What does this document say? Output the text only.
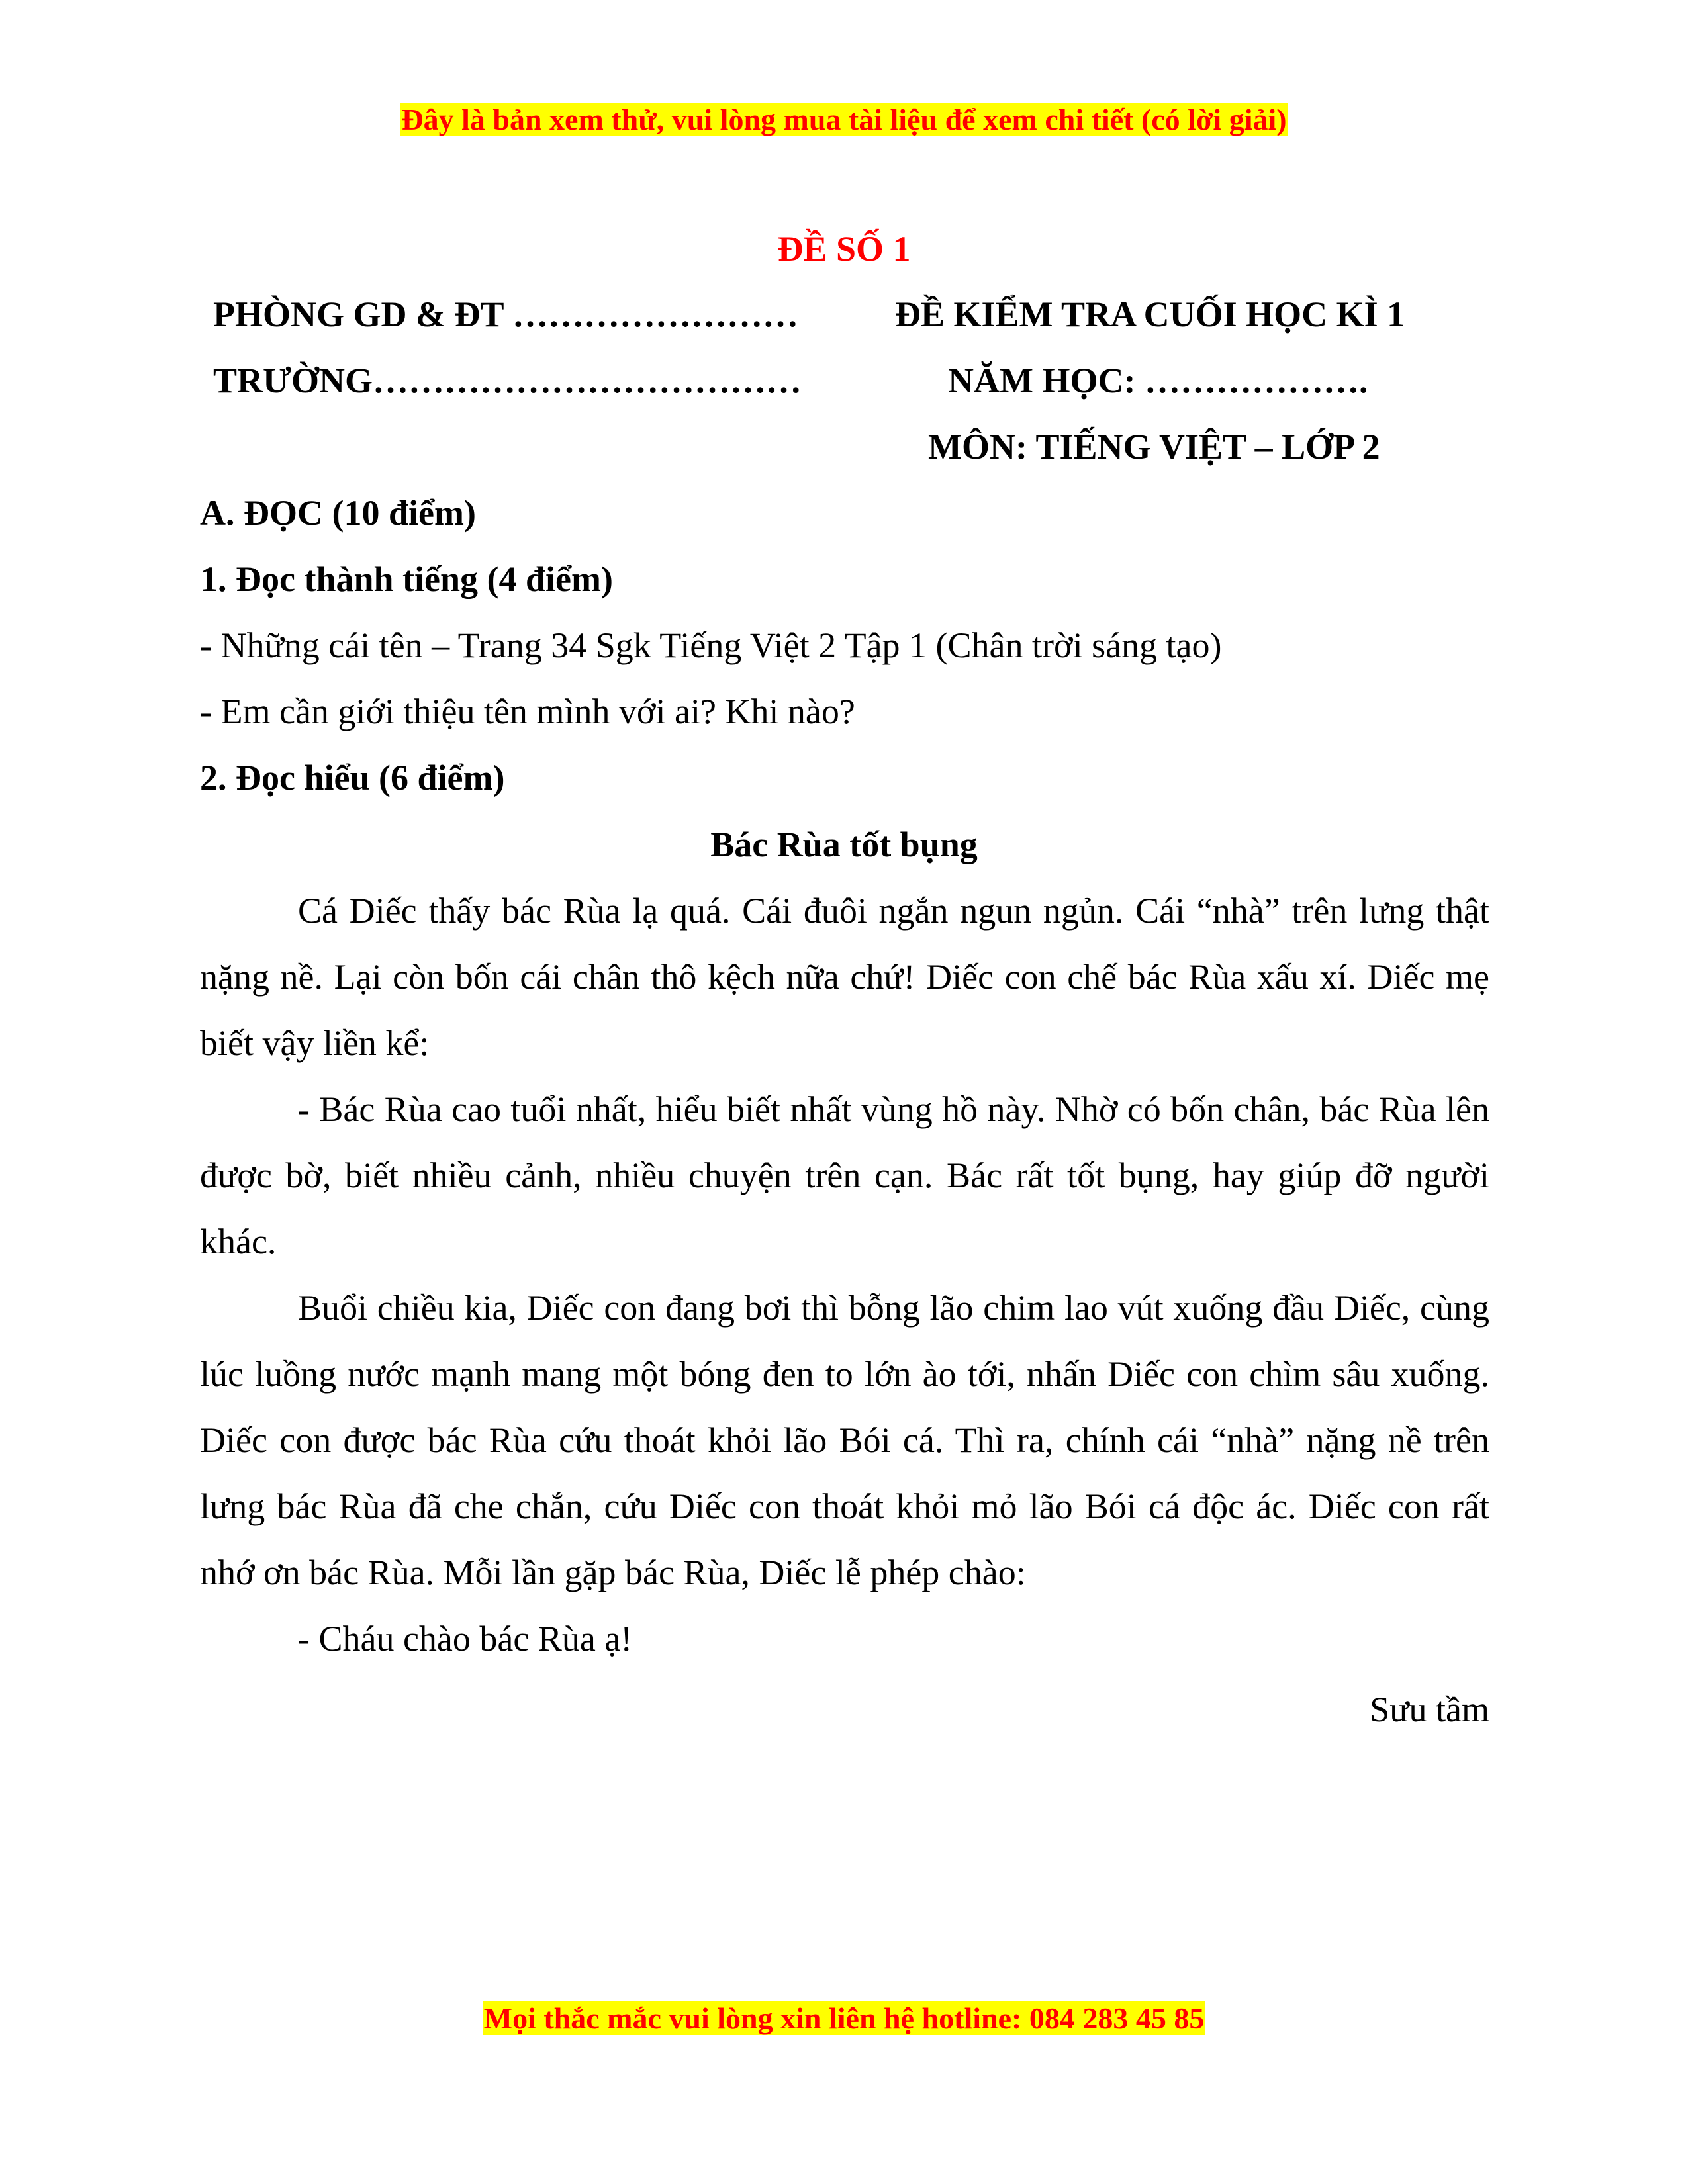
Đây là bản xem thử, vui lòng mua tài liệu để xem chi tiết (có lời giải)
ĐỀ SỐ 1
PHÒNG GD & ĐT ……………………
TRƯỜNG………………………………
ĐỀ KIỂM TRA CUỐI HỌC KÌ 1
NĂM HỌC: ……………….
MÔN: TIẾNG VIỆT – LỚP 2
A. ĐỌC (10 điểm)
1. Đọc thành tiếng (4 điểm)
- Những cái tên – Trang 34 Sgk Tiếng Việt 2 Tập 1 (Chân trời sáng tạo)
- Em cần giới thiệu tên mình với ai? Khi nào?
2. Đọc hiểu (6 điểm)
Bác Rùa tốt bụng

Cá Diếc thấy bác Rùa lạ quá. Cái đuôi ngắn ngun ngủn. Cái “nhà” trên lưng thật nặng nề. Lại còn bốn cái chân thô kệch nữa chứ! Diếc con chế bác Rùa xấu xí. Diếc mẹ biết vậy liền kể:

- Bác Rùa cao tuổi nhất, hiểu biết nhất vùng hồ này. Nhờ có bốn chân, bác Rùa lên được bờ, biết nhiều cảnh, nhiều chuyện trên cạn. Bác rất tốt bụng, hay giúp đỡ người khác.

Buổi chiều kia, Diếc con đang bơi thì bỗng lão chim lao vút xuống đầu Diếc, cùng lúc luồng nước mạnh mang một bóng đen to lớn ào tới, nhấn Diếc con chìm sâu xuống. Diếc con được bác Rùa cứu thoát khỏi lão Bói cá. Thì ra, chính cái “nhà” nặng nề trên lưng bác Rùa đã che chắn, cứu Diếc con thoát khỏi mỏ lão Bói cá độc ác. Diếc con rất nhớ ơn bác Rùa. Mỗi lần gặp bác Rùa, Diếc lễ phép chào:

- Cháu chào bác Rùa ạ!

Sưu tầm
Mọi thắc mắc vui lòng xin liên hệ hotline: 084 283 45 85
